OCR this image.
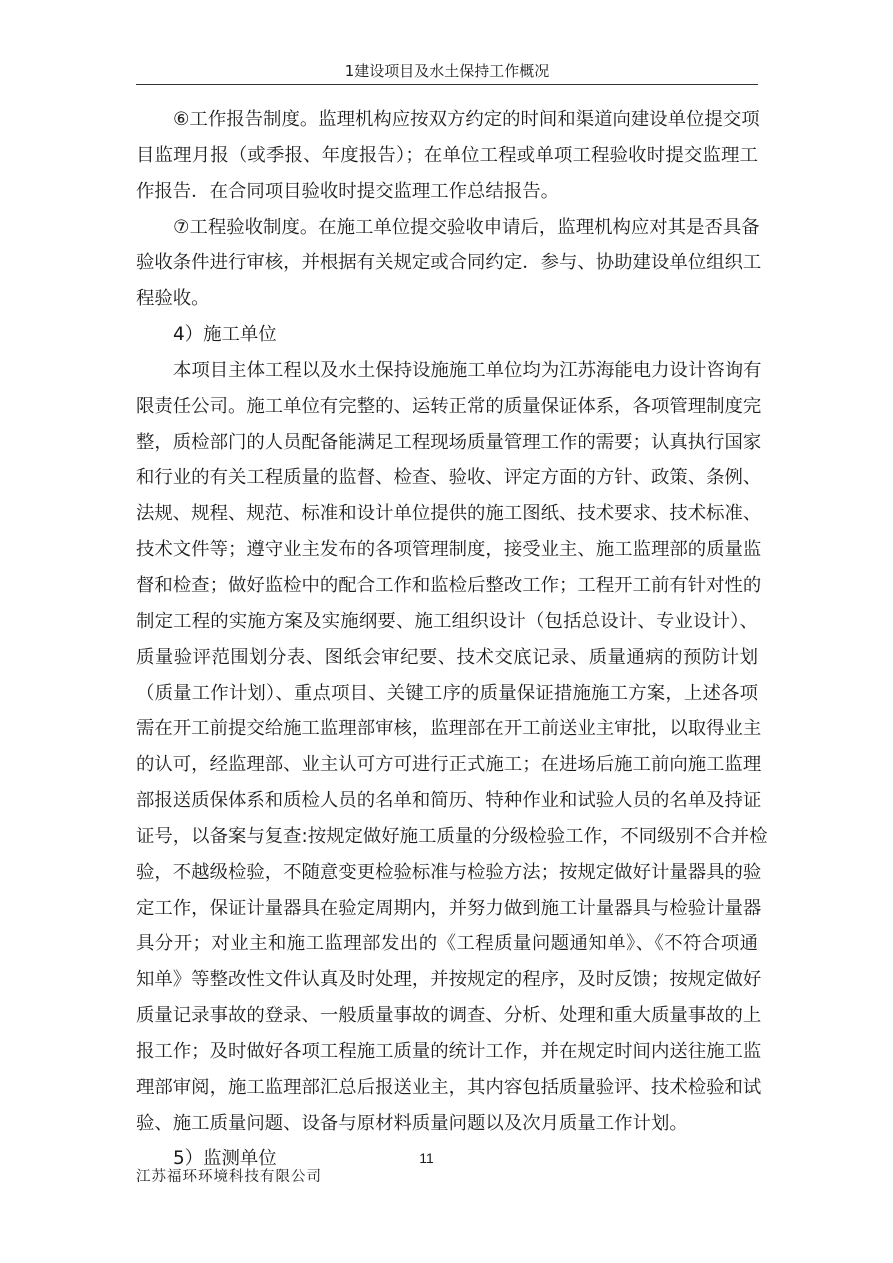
1建设项目及水土保持工作概况
⑥工作报告制度。监理机构应按双方约定的时间和渠道向建设单位提交项
目监理月报（或季报、年度报告）；在单位工程或单项工程验收时提交监理工
作报告．在合同项目验收时提交监理工作总结报告。
⑦工程验收制度。在施工单位提交验收申请后，监理机构应对其是否具备
验收条件进行审核，并根据有关规定或合同约定．参与、协助建设单位组织工
程验收。
4）施工单位
本项目主体工程以及水土保持设施施工单位均为江苏海能电力设计咨询有
限责任公司。施工单位有完整的、运转正常的质量保证体系，各项管理制度完
整，质检部门的人员配备能满足工程现场质量管理工作的需要；认真执行国家
和行业的有关工程质量的监督、检查、验收、评定方面的方针、政策、条例、
法规、规程、规范、标准和设计单位提供的施工图纸、技术要求、技术标准、
技术文件等；遵守业主发布的各项管理制度，接受业主、施工监理部的质量监
督和检查；做好监检中的配合工作和监检后整改工作；工程开工前有针对性的
制定工程的实施方案及实施纲要、施工组织设计（包括总设计、专业设计）、
质量验评范围划分表、图纸会审纪要、技术交底记录、质量通病的预防计划
（质量工作计划）、重点项目、关键工序的质量保证措施施工方案，上述各项
需在开工前提交给施工监理部审核，监理部在开工前送业主审批，以取得业主
的认可，经监理部、业主认可方可进行正式施工；在进场后施工前向施工监理
部报送质保体系和质检人员的名单和简历、特种作业和试验人员的名单及持证
证号，以备案与复查:按规定做好施工质量的分级检验工作，不同级别不合并检
验，不越级检验，不随意变更检验标准与检验方法；按规定做好计量器具的验
定工作，保证计量器具在验定周期内，并努力做到施工计量器具与检验计量器
具分开；对业主和施工监理部发出的《工程质量问题通知单》、《不符合项通
知单》等整改性文件认真及时处理，并按规定的程序，及时反馈；按规定做好
质量记录事故的登录、一般质量事故的调查、分析、处理和重大质量事故的上
报工作；及时做好各项工程施工质量的统计工作，并在规定时间内送往施工监
理部审阅，施工监理部汇总后报送业主，其内容包括质量验评、技术检验和试
验、施工质量问题、设备与原材料质量问题以及次月质量工作计划。
5）监测单位	11
江苏福环环境科技有限公司
